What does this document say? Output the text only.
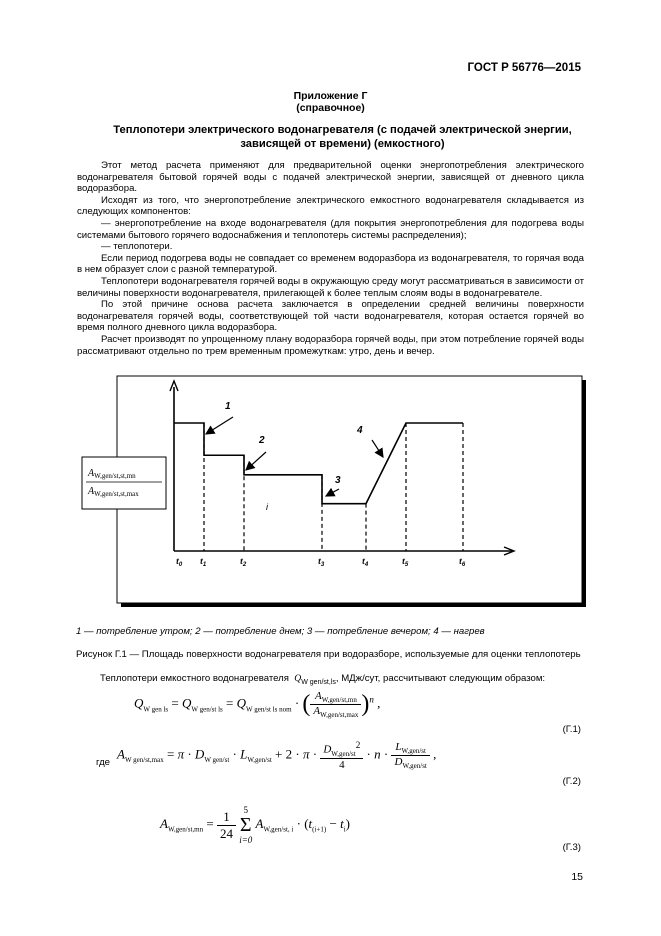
ГОСТ Р 56776—2015
Приложение Г
(справочное)
Теплопотери электрического водонагревателя (с подачей электрической энергии, зависящей от времени) (емкостного)

Этот метод расчета применяют для предварительной оценки энергопотребления электрического водонагревателя бытовой горячей воды с подачей электрической энергии, зависящей от дневного цикла водоразбора.

Исходят из того, что энергопотребление электрического емкостного водонагревателя складывается из следующих компонентов:

— энергопотребление на входе водонагревателя (для покрытия энергопотребления для подогрева воды системами бытового горячего водоснабжения и теплопотерь системы распределения);

— теплопотери.

Если период подогрева воды не совпадает со временем водоразбора из водонагревателя, то горячая вода в нем образует слои с разной температурой.

Теплопотери водонагревателя горячей воды в окружающую среду могут рассматриваться в зависимости от величины поверхности водонагревателя, прилегающей к более теплым слоям воды в водонагревателе.

По этой причине основа расчета заключается в определении средней величины поверхности водонагревателя горячей воды, соответствующей той части водонагревателя, которая остается горячей во время полного дневного цикла водоразбора.

Расчет производят по упрощенному плану водоразбора горячей воды, при этом потребление горячей воды рассматривают отдельно по трем временным промежуткам: утро, день и вечер.

$A_{W,gen/st,st,mn}$
$A_{W,gen/st,st,max}$
1
2
3
4
i
$t_0$ $t_1$	$t_2$	$t_3$	$t_4$	$t_5$	$t_6$
1 — потребление утром; 2 — потребление днем; 3 — потребление вечером; 4 — нагрев
Рисунок Г.1 — Площадь поверхности водонагревателя при водоразборе, используемые для оценки теплопотерь
Теплопотери емкостного водонагревателя $Q_{W gen/st,ls}$, МДж/сут, рассчитывают следующим образом:
$Q_{W gen ls} = Q_{W gen/st ls} = Q_{W gen/st ls nom}$ · ( $\frac{A_{W,gen/st,mn}}{A_{W,gen/st,max}} )^n$ ,
(Г.1)
где
$A_{W gen/st,max} = \pi \cdot D_{W gen/st} \cdot L_{W,gen/st} + 2 \cdot \pi \cdot \frac{D_{W,gen/st}^2}{4} \cdot n \cdot \frac{L_{W,gen/st}}{D_{W,gen/st}}$ ,
(Г.2)
$A_{W,gen/st,mn} = \frac{1}{24}$
5
Σ
i=0
$A_{W,gen/st, i} \cdot (t_{(i+1)} - t_i)$
(Г.3)
15
